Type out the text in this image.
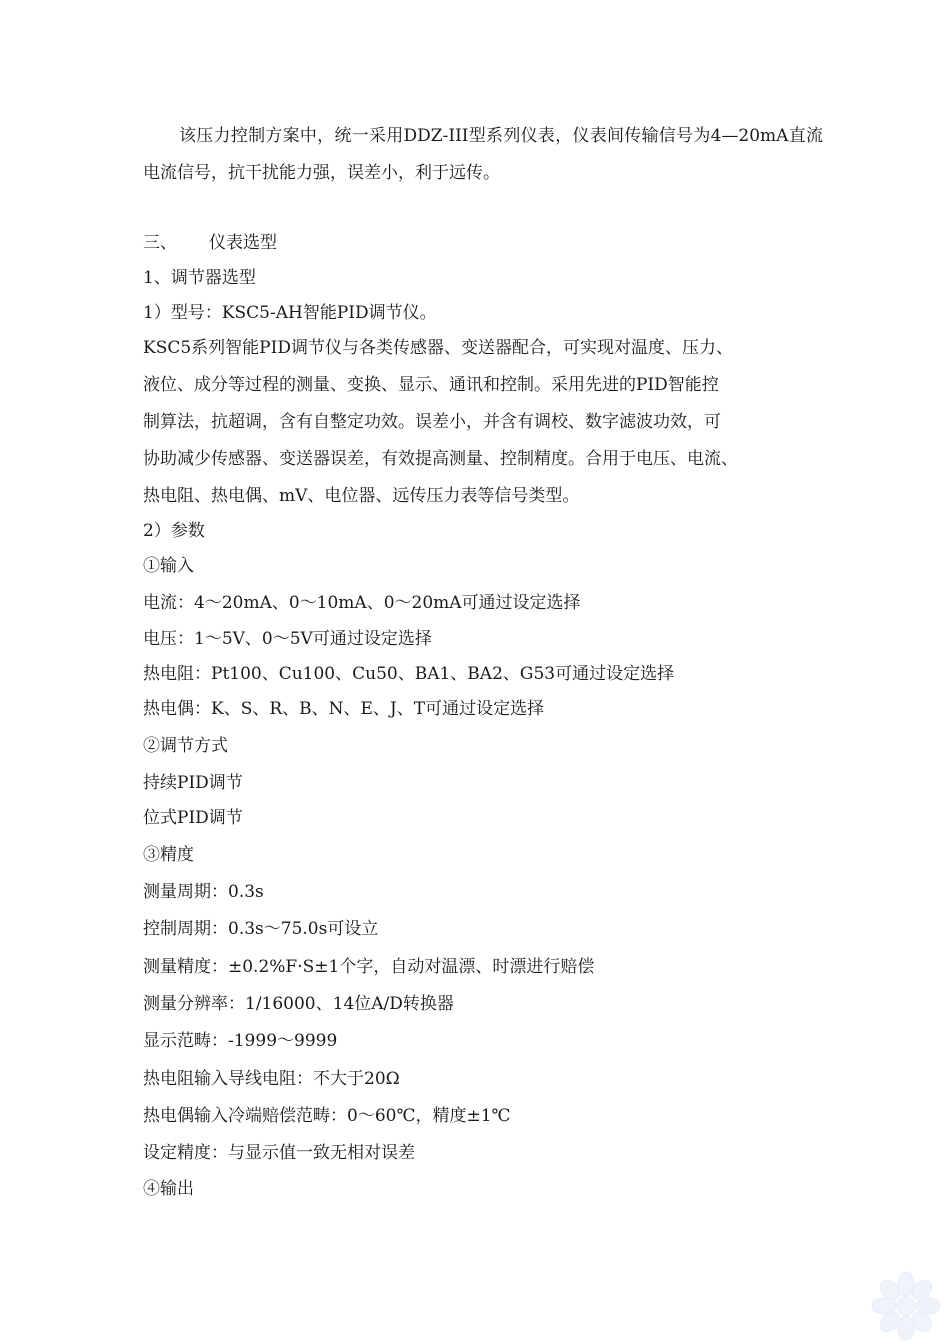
该压力控制方案中，统一采用DDZ-III型系列仪表，仪表间传输信号为4—20mA直流电流信号，抗干扰能力强，误差小，利于远传。

三、 仪表选型
1、调节器选型
1）型号：KSC5-AH智能PID调节仪。
KSC5系列智能PID调节仪与各类传感器、变送器配合，可实现对温度、压力、
液位、成分等过程的测量、变换、显示、通讯和控制。采用先进的PID智能控
制算法，抗超调，含有自整定功效。误差小，并含有调校、数字滤波功效，可
协助减少传感器、变送器误差，有效提高测量、控制精度。合用于电压、电流、
热电阻、热电偶、mV、电位器、远传压力表等信号类型。
2）参数
①输入
电流：4～20mA、0～10mA、0～20mA可通过设定选择
电压：1～5V、0～5V可通过设定选择
热电阻：Pt100、Cu100、Cu50、BA1、BA2、G53可通过设定选择
热电偶：K、S、R、B、N、E、J、T可通过设定选择
②调节方式
持续PID调节
位式PID调节
③精度
测量周期：0.3s
控制周期：0.3s～75.0s可设立
测量精度：±0.2%F·S±1个字，自动对温漂、时漂进行赔偿
测量分辨率：1/16000、14位A/D转换器
显示范畴：-1999～9999
热电阻输入导线电阻：不大于20Ω
热电偶输入冷端赔偿范畴：0～60℃，精度±1℃
设定精度：与显示值一致无相对误差
④输出
